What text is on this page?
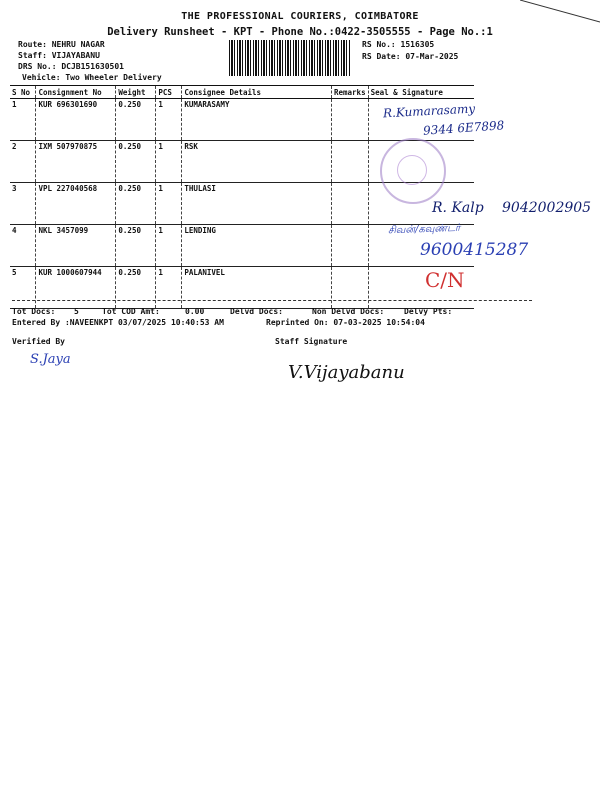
THE PROFESSIONAL COURIERS, COIMBATORE
Delivery Runsheet - KPT - Phone No.:0422-3505555 - Page No.:1
Route: NEHRU NAGAR
Staff: VIJAYABANU
DRS No.: DCJB151630501
Vehicle: Two Wheeler Delivery
RS No.: 1516305
RS Date: 07-Mar-2025
S No	Consignment No	Weight	PCS	Consignee Details	Remarks	Seal & Signature
1	KUR 696301690	0.250	1	KUMARASAMY		
2	IXM 507970875	0.250	1	RSK		
3	VPL 227040568	0.250	1	THULASI		
4	NKL 3457099	0.250	1	LENDING		
5	KUR 1000607944	0.250	1	PALANIVEL		
R.Kumarasamy
9344 6E7898
R. Kalp 9042002905
சிவன்/கவுண்டர்
9600415287
C/N
Tot Docs: 5	Tot COD Amt:	0.00	Delvd Docs:	Non Delvd Docs: Delvy Pts:
Entered By :NAVEENKPT 03/07/2025 10:40:53 AM	Reprinted On: 07-03-2025 10:54:04
Verified By
S.Jaya
Staff Signature
V.Vijayabanu
